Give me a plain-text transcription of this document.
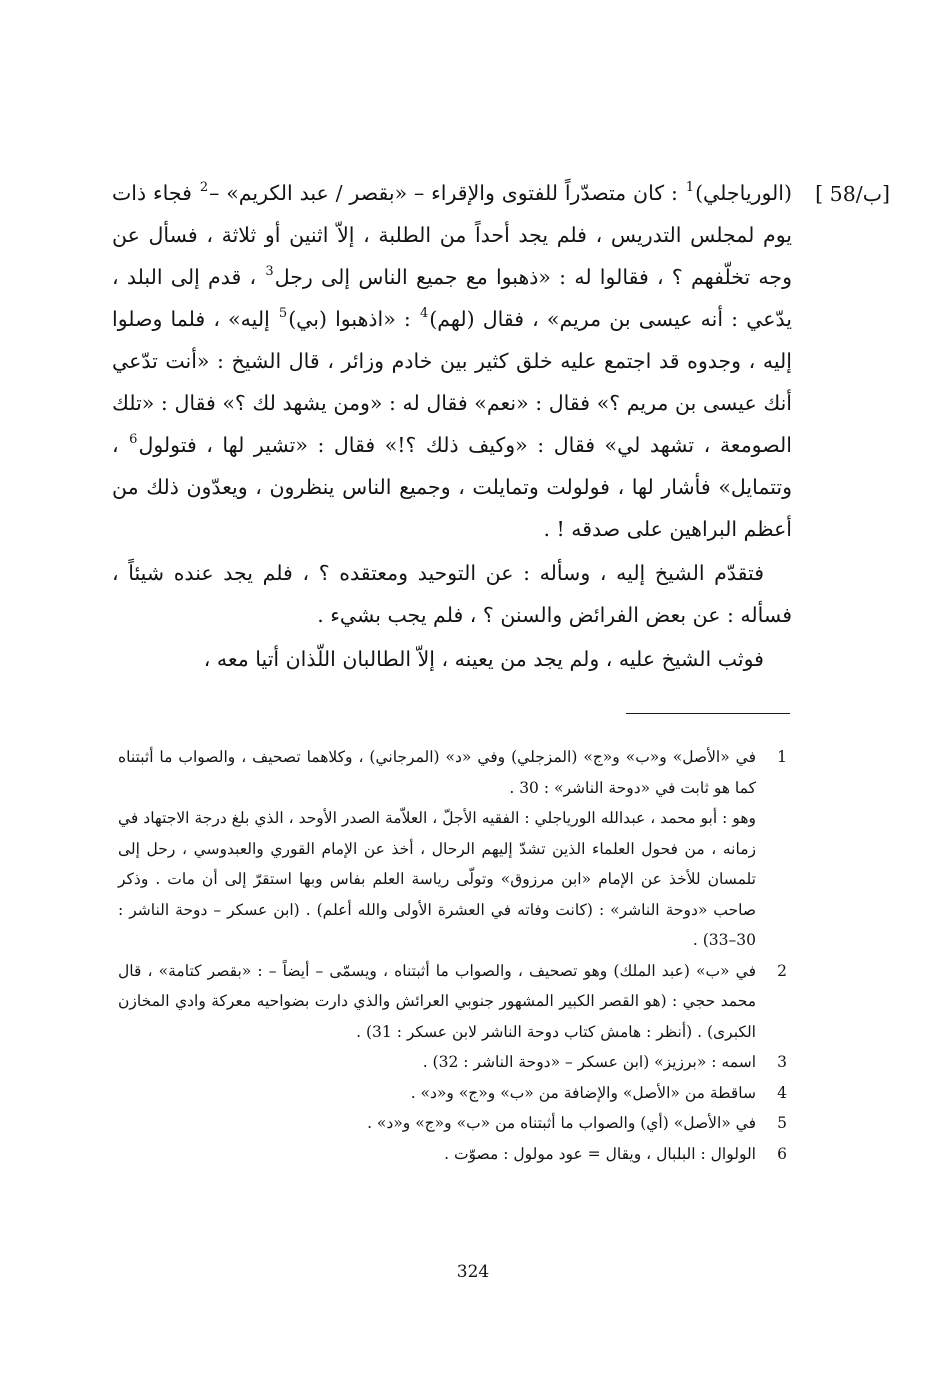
[ 58/ب]

(الورياجلي)$^1$ : كان متصدّراً للفتوى والإقراء – «بقصر / عبد الكريم» –$^2$ فجاء ذات يوم لمجلس التدريس ، فلم يجد أحداً من الطلبة ، إلاّ اثنين أو ثلاثة ، فسأل عن وجه تخلّفهم ؟ ، فقالوا له : «ذهبوا مع جميع الناس إلى رجل$^3$ ، قدم إلى البلد ، يدّعي : أنه عيسى بن مريم» ، فقال (لهم)$^4$ : «اذهبوا (بي)$^5$ إليه» ، فلما وصلوا إليه ، وجدوه قد اجتمع عليه خلق كثير بين خادم وزائر ، قال الشيخ : «أنت تدّعي أنك عيسى بن مريم ؟» فقال : «نعم» فقال له : «ومن يشهد لك ؟» فقال : «تلك الصومعة ، تشهد لي» فقال : «وكيف ذلك ؟!» فقال : «تشير لها ، فتولول$^6$ ، وتتمايل» فأشار لها ، فولولت وتمايلت ، وجميع الناس ينظرون ، ويعدّون ذلك من أعظم البراهين على صدقه ! .

فتقدّم الشيخ إليه ، وسأله : عن التوحيد ومعتقده ؟ ، فلم يجد عنده شيئاً ، فسأله : عن بعض الفرائض والسنن ؟ ، فلم يجب بشيء .

فوثب الشيخ عليه ، ولم يجد من يعينه ، إلاّ الطالبان اللّذان أتيا معه ،

1
في «الأصل» و«ب» و«ج» (المزجلي) وفي «د» (المرجاني) ، وكلاهما تصحيف ، والصواب ما أثبتناه كما هو ثابت في «دوحة الناشر» : 30 .
وهو : أبو محمد ، عبدالله الورياجلي : الفقيه الأجلّ ، العلاّمة الصدر الأوحد ، الذي بلغ درجة الاجتهاد في زمانه ، من فحول العلماء الذين تشدّ إليهم الرحال ، أخذ عن الإمام القوري والعبدوسي ، رحل إلى تلمسان للأخذ عن الإمام «ابن مرزوق» وتولّى رياسة العلم بفاس وبها استقرّ إلى أن مات . وذكر صاحب «دوحة الناشر» : (كانت وفاته في العشرة الأولى والله أعلم) . (ابن عسكر – دوحة الناشر : 30–33) .
2
في «ب» (عبد الملك) وهو تصحيف ، والصواب ما أثبتناه ، ويسمّى – أيضاً – : «بقصر كتامة» ، قال محمد حجي : (هو القصر الكبير المشهور جنوبي العرائش والذي دارت بضواحيه معركة وادي المخازن الكبرى) . (أنظر : هامش كتاب دوحة الناشر لابن عسكر : 31) .
3
اسمه : «برزيز» (ابن عسكر – «دوحة الناشر : 32) .
4
ساقطة من «الأصل» والإضافة من «ب» و«ج» و«د» .
5
في «الأصل» (أي) والصواب ما أثبتناه من «ب» و«ج» و«د» .
6
الولوال : البلبال ، ويقال = عود مولول : مصوّت .
324
